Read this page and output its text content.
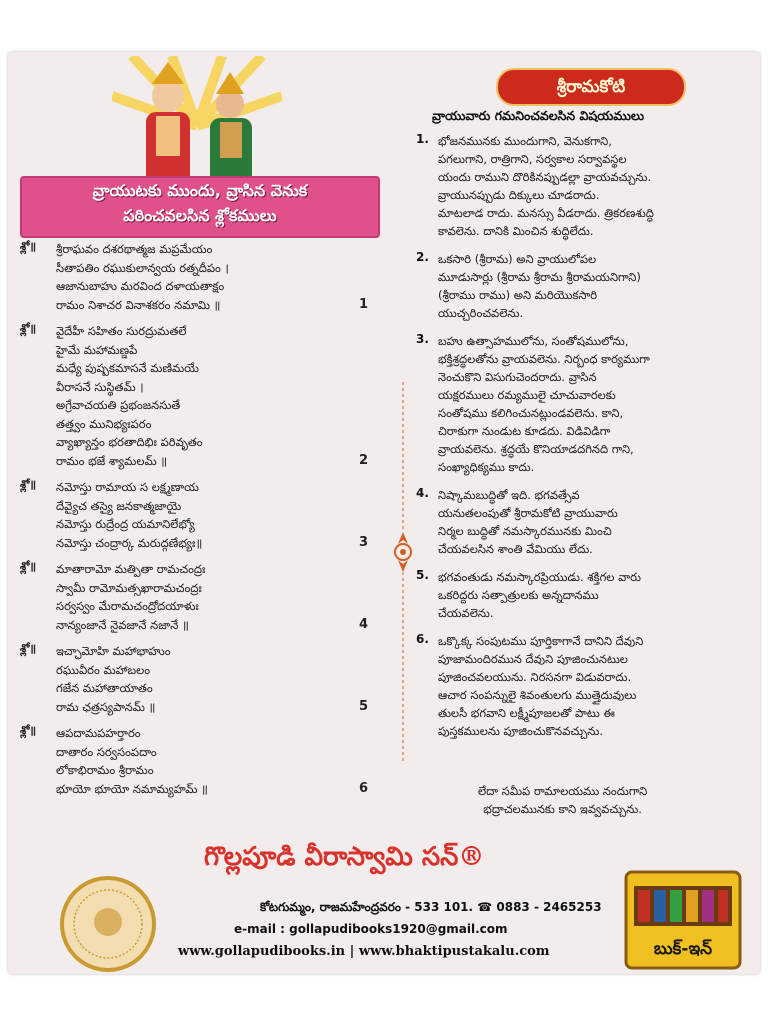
వ్రాయుటకు ముందు, వ్రాసిన వెనుక
పఠించవలసిన శ్లోకములు
శ్లో॥	శ్రీరాఘవం దశరథాత్మజ మప్రమేయం
సీతాపతిం రఘుకులాన్వయ రత్నదీపం ।
ఆజానుబాహు మరవింద దళాయతాక్షం
రామం నిశాచర వినాశకరం నమామి ॥	1
శ్లో॥	వైదేహీ సహితం సురద్రుమతలే
హైమే మహామణ్డపే
మధ్యే పుష్పకమాసనే మణిమయే
వీరాసనే సుస్థితమ్ ।
అగ్రేవాచయతి ప్రభంజనసుతే
తత్త్వం మునిభ్యఃపరం
వ్యాఖ్యాన్తం భరతాదిభిః పరివృతం
రామం భజే శ్యామలమ్ ॥	2
శ్లో॥	నమోస్తు రామాయ స లక్ష్మణాయ
దేవ్యైచ తస్యై జనకాత్మజాయై
నమోస్తు రుద్రేంద్ర యమానిలేభ్యో
నమోస్తు చంద్రార్క మరుద్గణేభ్యః॥	3
శ్లో॥	మాతారామో మత్పితా రామచంద్రః
స్వామీ రామోమత్సఖారామచంద్రః
సర్వస్వం మేరామచంద్రోదయాళుః
నాన్యంజానే నైవజానే నజానే ॥	4
శ్లో॥	ఇచ్ఛామోహి మహాభాహుం
రఘువీరం మహాబలం
గజేన మహాతాయాతం
రామ ఛత్రస్యపానమ్ ॥	5
శ్లో॥	ఆపదామపహర్తారం
దాతారం సర్వసంపదాం
లోకాభిరామం శ్రీరామం
భూయో భూయో నమామ్యహమ్ ॥	6
శ్రీరామకోటి
వ్రాయువారు గమనించవలసిన విషయములు
1. భోజనమునకు ముందుగాని, వెనుకగాని,
పగలుగాని, రాత్రిగాని, సర్వకాల సర్వావస్థల
యందు రాముని దొరికినప్పుడల్లా వ్రాయవచ్చును.
వ్రాయునప్పుడు దిక్కులు చూడరాదు.
మాటలాడ రాదు. మనస్సు వీడరాదు. త్రికరణశుద్ధి
కావలెను. దానికి మించిన శుద్ధిలేదు.
2. ఒకసారి (శ్రీరామ) అని వ్రాయులోపల
మూడుసార్లు (శ్రీరామ శ్రీరామ శ్రీరామయనిగాని)
(శ్రీరాము రాము) అని మరియొకసారి
యుచ్చరించవలెను.
3. బహు ఉత్సాహములోను, సంతోషములోను,
భక్తిశ్రద్ధలతోను వ్రాయవలెను. నిర్బంధ కార్యముగా
నెంచుకొని విసుగుచెందరాదు. వ్రాసిన
యక్షరములు రమ్యములై చూచువారలకు
సంతోషము కలిగించునట్లుండవలెను. కాని,
చిరాకుగా నుండుట కూడదు. విడివిడిగా
వ్రాయవలెను. శ్రద్ధయే కొనియాడదగినది గాని,
సంఖ్యాధిక్యము కాదు.
4. నిష్కామబుద్ధితో ఇది. భగవత్సేవ
యనుతలంపుతో శ్రీరామకోటి వ్రాయువారు
నిర్మల బుద్ధితో నమస్కారమునకు మించి
చేయవలసిన శాంతి వేమియు లేదు.
5. భగవంతుడు నమస్కారప్రియుడు. శక్తిగల వారు
ఒకరిద్దరు సత్పాత్రులకు అన్నదానము
చేయవలెను.
6. ఒక్కొక్క సంపుటము పూర్తికాగానే దానిని దేవుని
పూజామందిరమున దేవుని పూజించునటుల
పూజించవలయును. నిరసనగా విడువరాదు.
ఆచార సంపన్నులై శివంతులగు ముత్తైదువులు
తులసీ భగవాని లక్ష్మీపూజలతో పాటు ఈ
పుస్తకములను పూజించుకొనవచ్చును.
లేదా సమీప రామాలయము నందుగాని
భద్రాచలమునకు కాని ఇవ్వవచ్చును.
గొల్లపూడి వీరాస్వామి సన్®
కోటగుమ్మం, రాజమహేంద్రవరం - 533 101. ☎ 0883 - 2465253
e-mail : gollapudibooks1920@gmail.com
www.gollapudibooks.in | www.bhaktipustakalu.com	బుక్-ఇన్
